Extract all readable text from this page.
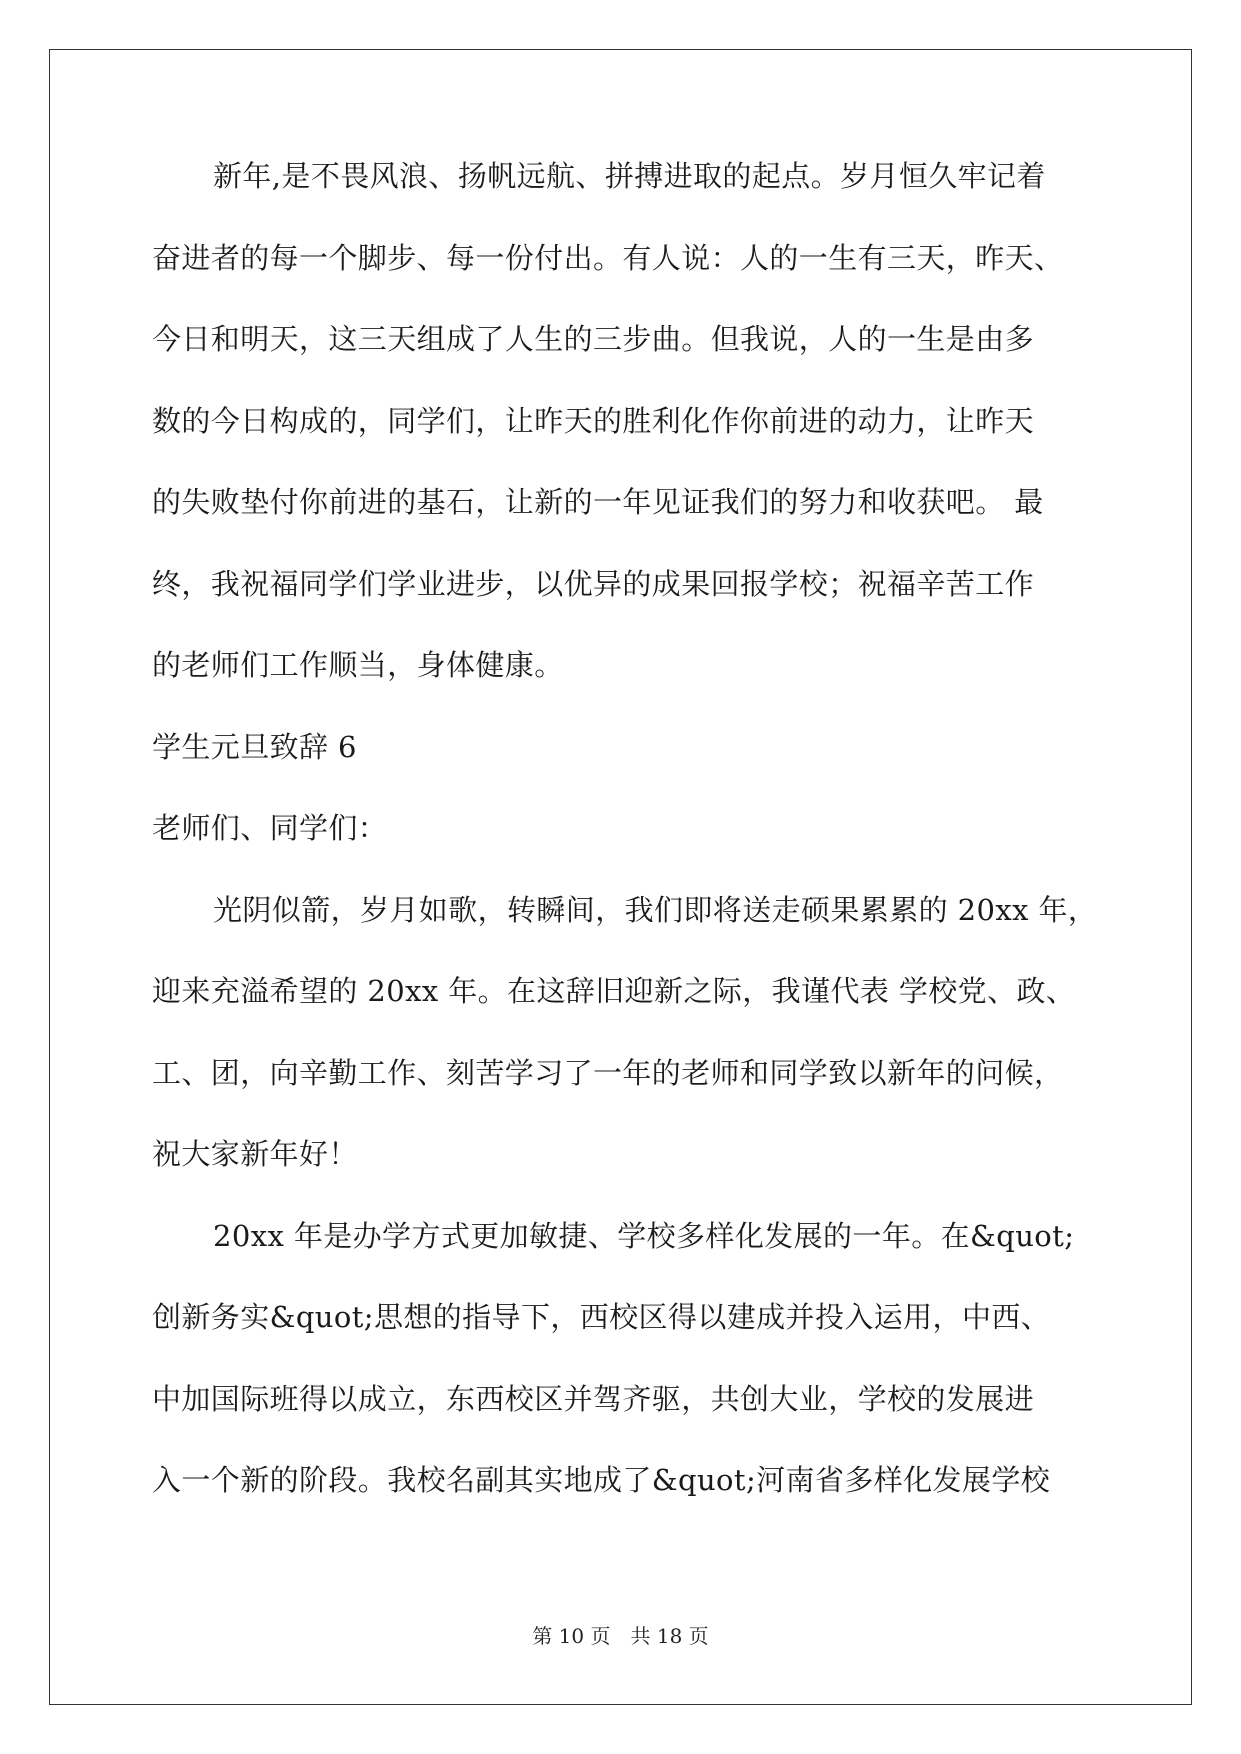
新年,是不畏风浪、扬帆远航、拼搏进取的起点。岁月恒久牢记着
奋进者的每一个脚步、每一份付出。有人说：人的一生有三天，昨天、
今日和明天，这三天组成了人生的三步曲。但我说，人的一生是由多
数的今日构成的，同学们，让昨天的胜利化作你前进的动力，让昨天
的失败垫付你前进的基石，让新的一年见证我们的努力和收获吧。 最
终，我祝福同学们学业进步，以优异的成果回报学校；祝福辛苦工作
的老师们工作顺当，身体健康。
学生元旦致辞 6
老师们、同学们：
光阴似箭，岁月如歌，转瞬间，我们即将送走硕果累累的 20xx 年，
迎来充溢希望的 20xx 年。在这辞旧迎新之际，我谨代表 学校党、政、
工、团，向辛勤工作、刻苦学习了一年的老师和同学致以新年的问候，
祝大家新年好！
20xx 年是办学方式更加敏捷、学校多样化发展的一年。在&quot;
创新务实&quot;思想的指导下，西校区得以建成并投入运用，中西、
中加国际班得以成立，东西校区并驾齐驱，共创大业，学校的发展进
入一个新的阶段。我校名副其实地成了&quot;河南省多样化发展学校
第 10 页 共 18 页
